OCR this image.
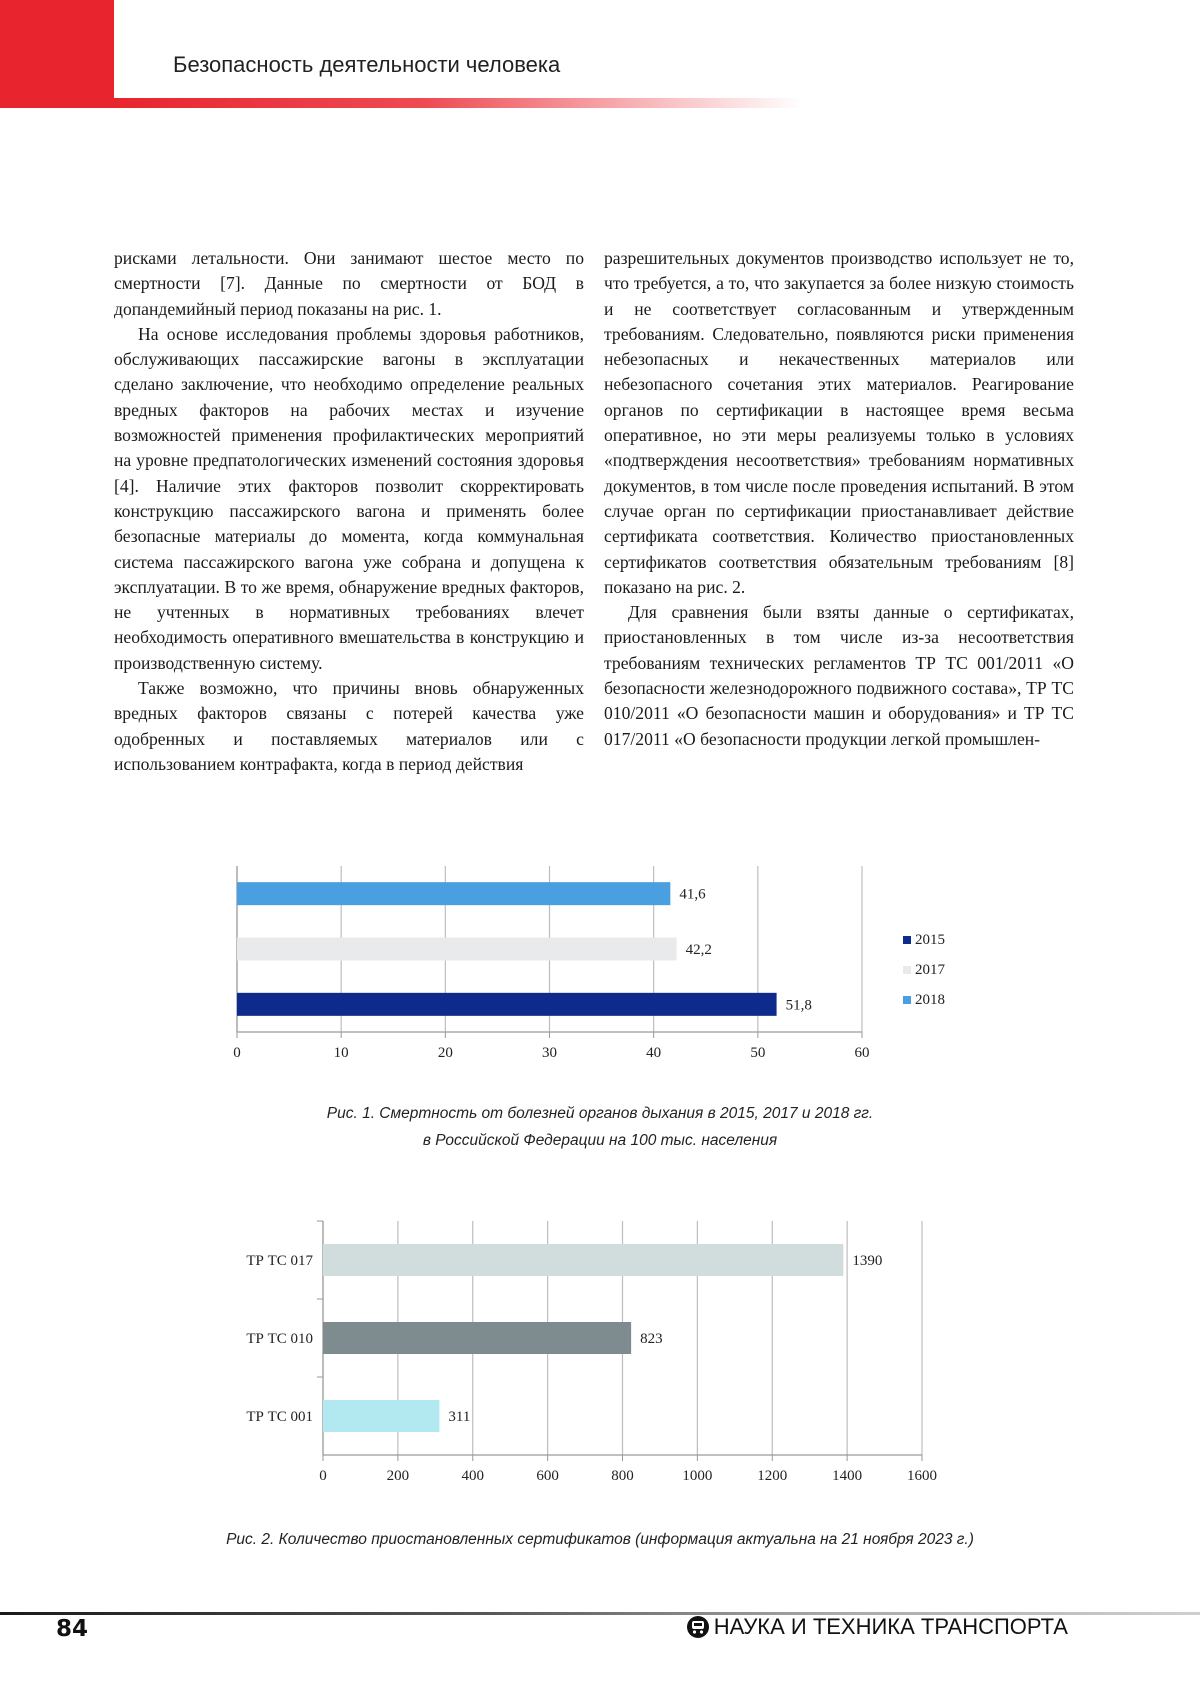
Безопасность деятельности человека

рисками летальности. Они занимают шестое место по смертности [7]. Данные по смертности от БОД в допандемийный период показаны на рис. 1.

На основе исследования проблемы здоровья работников, обслуживающих пассажирские вагоны в эксплуатации сделано заключение, что необходимо определение реальных вредных факторов на рабочих местах и изучение возможностей применения профилактических мероприятий на уровне предпатологических изменений состояния здоровья [4]. Наличие этих факторов позволит скорректировать конструкцию пассажирского вагона и применять более безопасные материалы до момента, когда коммунальная система пассажирского вагона уже собрана и допущена к эксплуатации. В то же время, обнаружение вредных факторов, не учтенных в нормативных требованиях влечет необходимость оперативного вмешательства в конструкцию и производственную систему.

Также возможно, что причины вновь обнаруженных вредных факторов связаны с потерей качества уже одобренных и поставляемых материалов или с использованием контрафакта, когда в период действия

разрешительных документов производство использует не то, что требуется, а то, что закупается за более низкую стоимость и не соответствует согласованным и утвержденным требованиям. Следовательно, появляются риски применения небезопасных и некачественных материалов или небезопасного сочетания этих материалов. Реагирование органов по сертификации в настоящее время весьма оперативное, но эти меры реализуемы только в условиях «подтверждения несоответствия» требованиям нормативных документов, в том числе после проведения испытаний. В этом случае орган по сертификации приостанавливает действие сертификата соответствия. Количество приостановленных сертификатов соответствия обязательным требованиям [8] показано на рис. 2.

Для сравнения были взяты данные о сертификатах, приостановленных в том числе из-за несоответствия требованиям технических регламентов ТР ТС 001/2011 «О безопасности железнодорожного подвижного состава», ТР ТС 010/2011 «О безопасности машин и оборудования» и ТР ТС 017/2011 «О безопасности продукции легкой промышлен-

0	10	20	30	40	50	60
41,6
42,2
51,8
2015
2017
2018
Рис. 1. Смертность от болезней органов дыхания в 2015, 2017 и 2018 гг.
в Российской Федерации на 100 тыс. населения
0	200	400	600	800	1000	1200	1400	1600
1390
ТР ТС 017
823
ТР ТС 010
311
ТР ТС 001
Рис. 2. Количество приостановленных сертификатов (информация актуальна на 21 ноября 2023 г.)
84	НАУКА И ТЕХНИКА ТРАНСПОРТА
